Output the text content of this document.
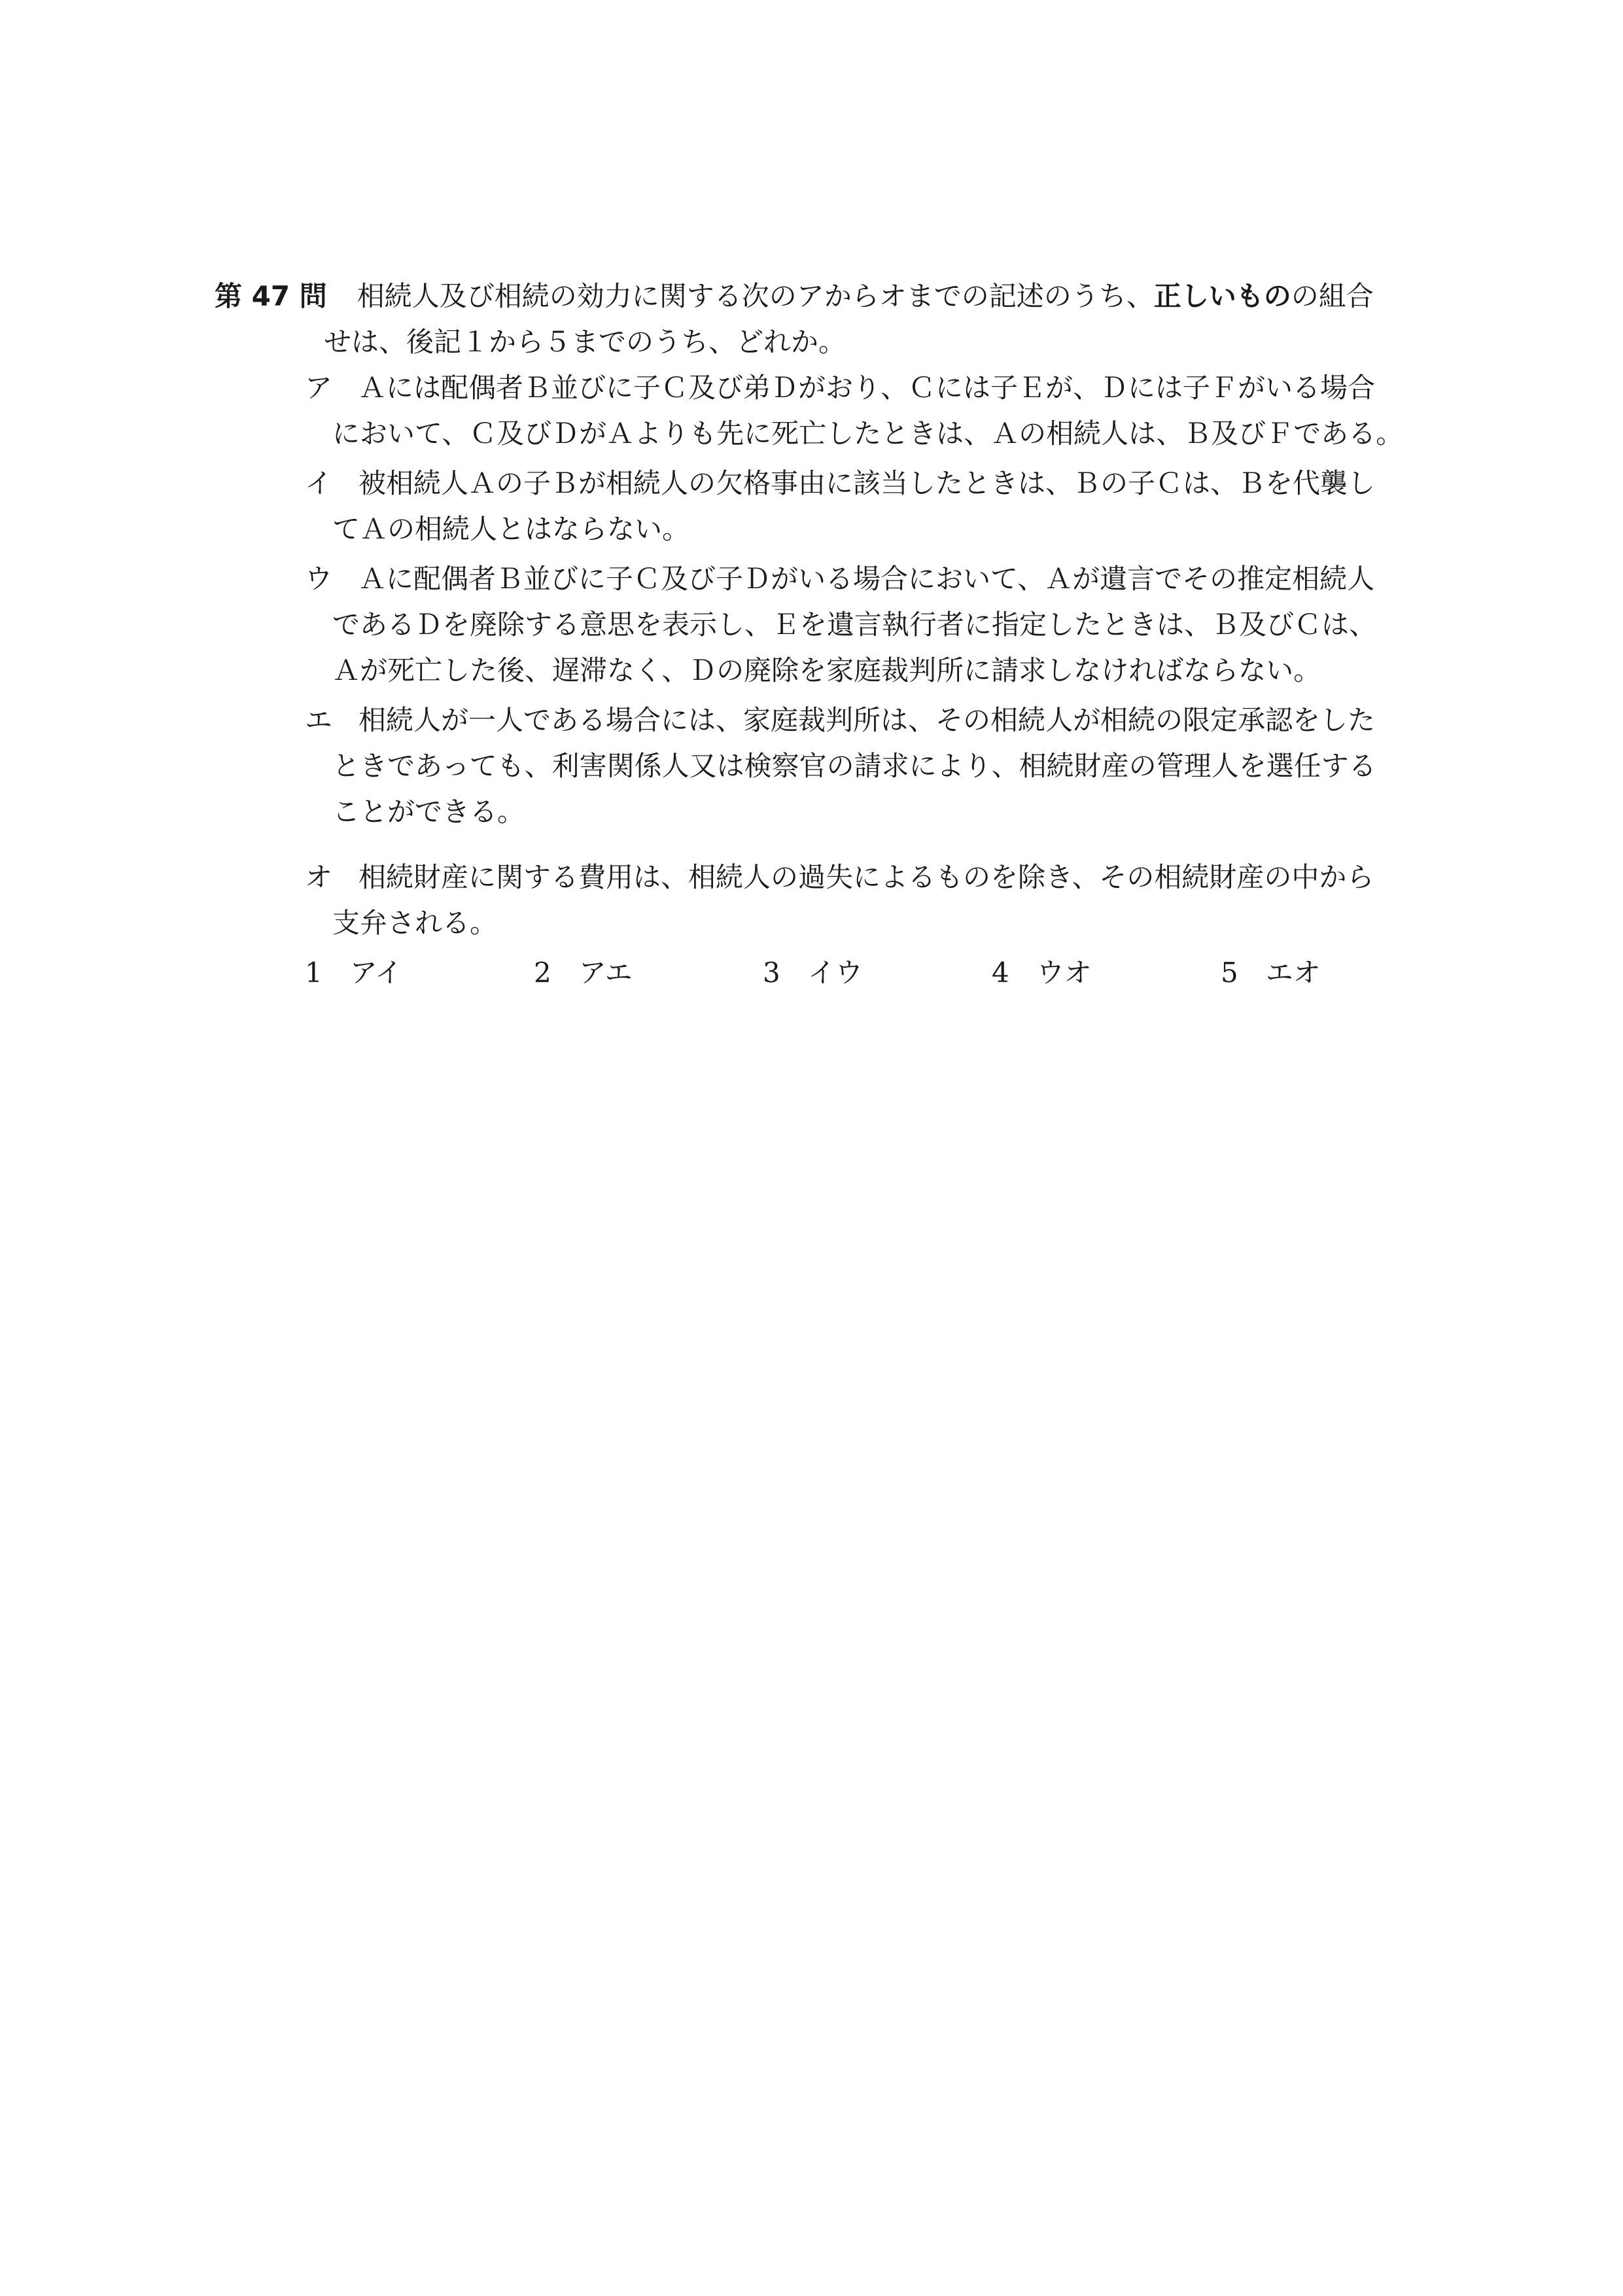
第 47 問 相続人及び相続の効力に関する次のアからオまでの記述のうち、正しいものの組合
せは、後記１から５までのうち、どれか。
ア Ａには配偶者Ｂ並びに子Ｃ及び弟Ｄがおり、Ｃには子Ｅが、Ｄには子Ｆがいる場合
において、Ｃ及びＤがＡよりも先に死亡したときは、Ａの相続人は、Ｂ及びＦである。
イ 被相続人Ａの子Ｂが相続人の欠格事由に該当したときは、Ｂの子Ｃは、Ｂを代襲し
てＡの相続人とはならない。
ウ Ａに配偶者Ｂ並びに子Ｃ及び子Ｄがいる場合において、Ａが遺言でその推定相続人
であるＤを廃除する意思を表示し、Ｅを遺言執行者に指定したときは、Ｂ及びＣは、
Ａが死亡した後、遅滞なく、Ｄの廃除を家庭裁判所に請求しなければならない。
エ 相続人が一人である場合には、家庭裁判所は、その相続人が相続の限定承認をした
ときであっても、利害関係人又は検察官の請求により、相続財産の管理人を選任する
ことができる。
オ 相続財産に関する費用は、相続人の過失によるものを除き、その相続財産の中から
支弁される。
1 アイ	2 アエ	3 イウ	4 ウオ	5 エオ
